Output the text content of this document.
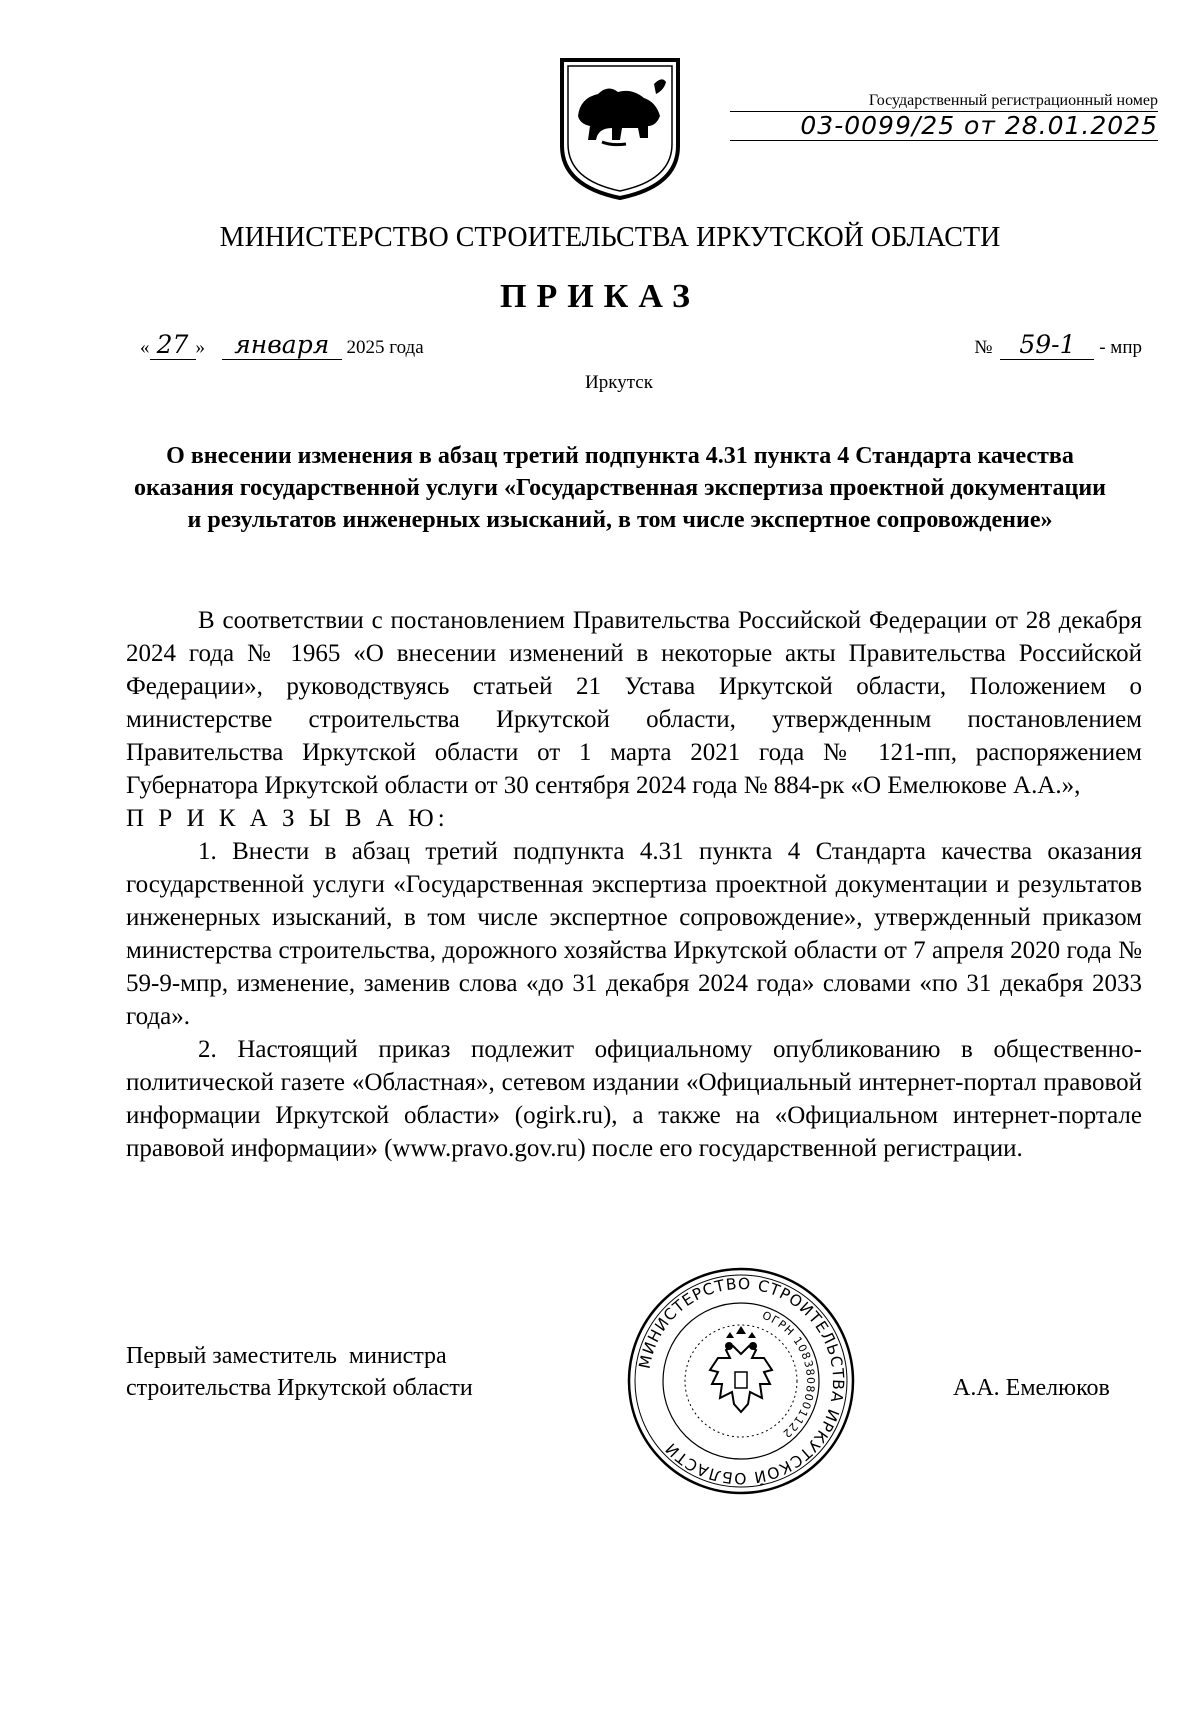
Государственный регистрационный номер
03-0099/25 от 28.01.2025
МИНИСТЕРСТВО СТРОИТЕЛЬСТВА ИРКУТСКОЙ ОБЛАСТИ
ПРИКАЗ
« 27 » января 2025 года	№ 59-1 - мпр
Иркутск
О внесении изменения в абзац третий подпункта 4.31 пункта 4 Стандарта качества оказания государственной услуги «Государственная экспертиза проектной документации и результатов инженерных изысканий, в том числе экспертное сопровождение»

В соответствии с постановлением Правительства Российской Федерации от 28 декабря 2024 года № 1965 «О внесении изменений в некоторые акты Правительства Российской Федерации», руководствуясь статьей 21 Устава Иркутской области, Положением о министерстве строительства Иркутской области, утвержденным постановлением Правительства Иркутской области от 1 марта 2021 года № 121-пп, распоряжением Губернатора Иркутской области от 30 сентября 2024 года № 884-рк «О Емелюкове А.А.»,

П Р И К А З Ы В А Ю:

1. Внести в абзац третий подпункта 4.31 пункта 4 Стандарта качества оказания государственной услуги «Государственная экспертиза проектной документации и результатов инженерных изысканий, в том числе экспертное сопровождение», утвержденный приказом министерства строительства, дорожного хозяйства Иркутской области от 7 апреля 2020 года № 59-9-мпр, изменение, заменив слова «до 31 декабря 2024 года» словами «по 31 декабря 2033 года».

2. Настоящий приказ подлежит официальному опубликованию в общественно-политической газете «Областная», сетевом издании «Официальный интернет-портал правовой информации Иркутской области» (ogirk.ru), а также на «Официальном интернет-портале правовой информации» (www.pravo.gov.ru) после его государственной регистрации.

МИНИСТЕРСТВО СТРОИТЕЛЬСТВА ИРКУТСКОЙ ОБЛАСТИ
ОГРН 1083808001122
Первый заместитель  министра
строительства Иркутской области	А.А. Емелюков
